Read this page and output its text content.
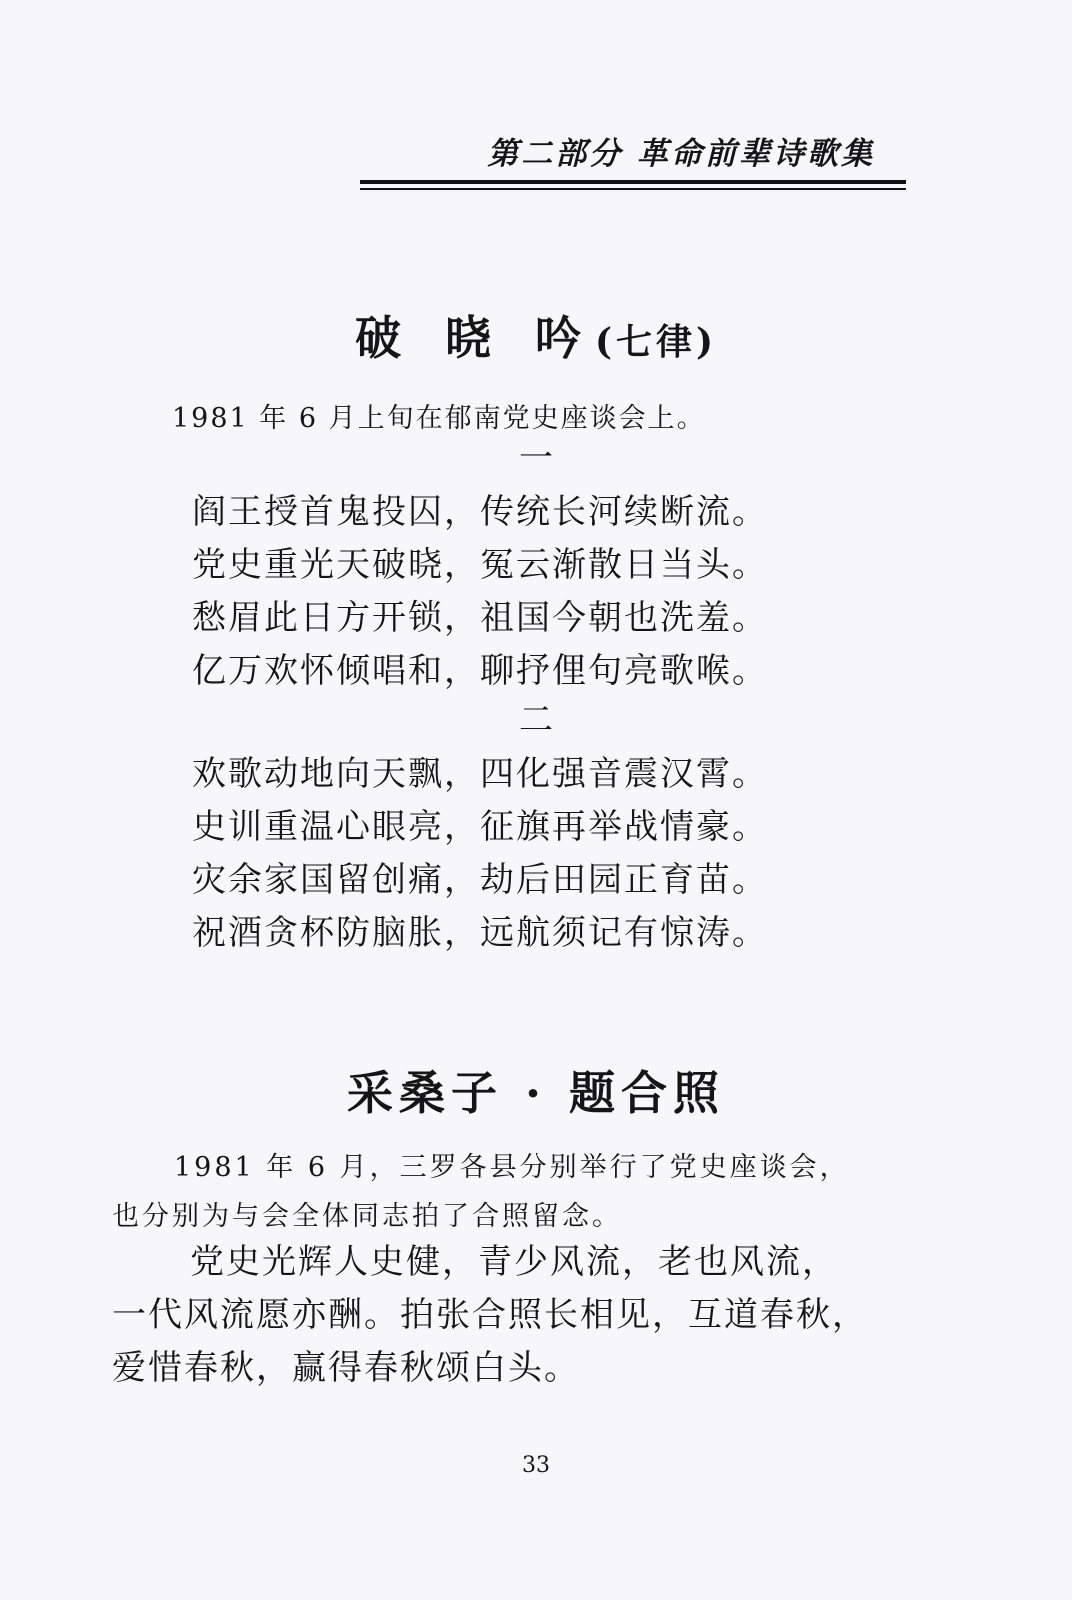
第二部分 革命前辈诗歌集
破 晓 吟(七律)
1981 年 6 月上旬在郁南党史座谈会上。
一
阎王授首鬼投囚，传统长河续断流。
党史重光天破晓，冤云渐散日当头。
愁眉此日方开锁，祖国今朝也洗羞。
亿万欢怀倾唱和，聊抒俚句亮歌喉。
二
欢歌动地向天飘，四化强音震汉霄。
史训重温心眼亮，征旗再举战情豪。
灾余家国留创痛，劫后田园正育苗。
祝酒贪杯防脑胀，远航须记有惊涛。
采桑子 · 题合照
1981 年 6 月，三罗各县分别举行了党史座谈会，
也分别为与会全体同志拍了合照留念。
党史光辉人史健，青少风流，老也风流，
一代风流愿亦酬。拍张合照长相见，互道春秋，
爱惜春秋，赢得春秋颂白头。
33
